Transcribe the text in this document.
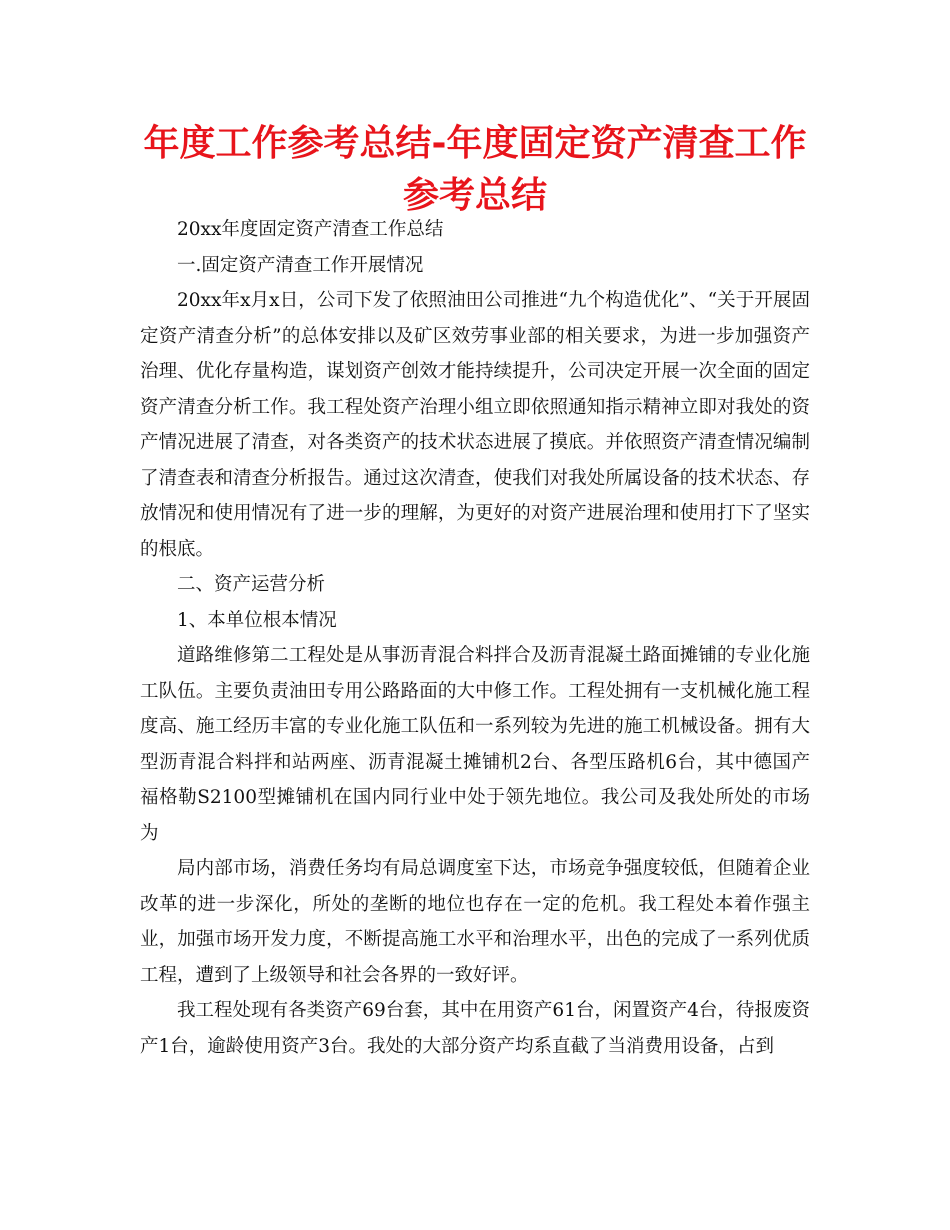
年度工作参考总结-年度固定资产清查工作参考总结

20xx年度固定资产清查工作总结

一.固定资产清查工作开展情况

20xx年x月x日，公司下发了依照油田公司推进“九个构造优化”、“关于开展固定资产清查分析”的总体安排以及矿区效劳事业部的相关要求，为进一步加强资产治理、优化存量构造，谋划资产创效才能持续提升，公司决定开展一次全面的固定资产清查分析工作。我工程处资产治理小组立即依照通知指示精神立即对我处的资产情况进展了清查，对各类资产的技术状态进展了摸底。并依照资产清查情况编制了清查表和清查分析报告。通过这次清查，使我们对我处所属设备的技术状态、存放情况和使用情况有了进一步的理解，为更好的对资产进展治理和使用打下了坚实的根底。

二、资产运营分析

1、本单位根本情况

道路维修第二工程处是从事沥青混合料拌合及沥青混凝土路面摊铺的专业化施工队伍。主要负责油田专用公路路面的大中修工作。工程处拥有一支机械化施工程度高、施工经历丰富的专业化施工队伍和一系列较为先进的施工机械设备。拥有大型沥青混合料拌和站两座、沥青混凝土摊铺机2台、各型压路机6台，其中德国产福格勒S2100型摊铺机在国内同行业中处于领先地位。我公司及我处所处的市场为

局内部市场，消费任务均有局总调度室下达，市场竞争强度较低，但随着企业改革的进一步深化，所处的垄断的地位也存在一定的危机。我工程处本着作强主业，加强市场开发力度，不断提高施工水平和治理水平，出色的完成了一系列优质工程，遭到了上级领导和社会各界的一致好评。

我工程处现有各类资产69台套，其中在用资产61台，闲置资产4台，待报废资产1台，逾龄使用资产3台。我处的大部分资产均系直截了当消费用设备，占到
